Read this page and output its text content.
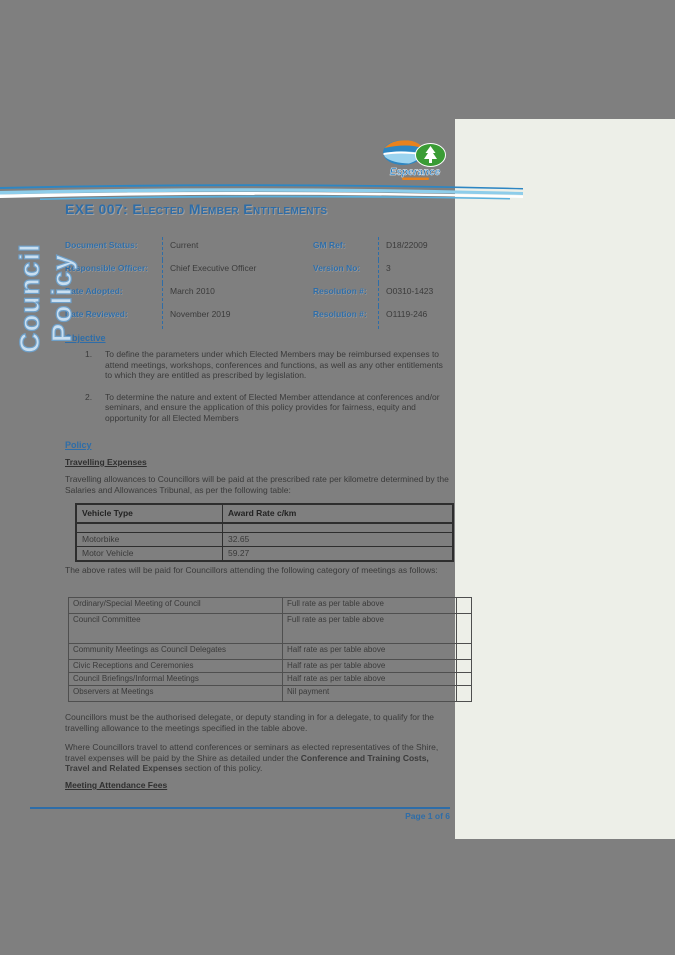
Esperance
Council Policy
EXE 007: Elected Member Entitlements
Document Status:	Current	GM Ref:	D18/22009
Responsible Officer:	Chief Executive Officer	Version No:	3
Date Adopted:	March 2010	Resolution #:	O0310-1423
Date Reviewed:	November 2019	Resolution #:	O1119-246
Objective
1.	To define the parameters under which Elected Members may be reimbursed expenses to attend meetings, workshops, conferences and functions, as well as any other entitlements to which they are entitled as prescribed by legislation.
2.	To determine the nature and extent of Elected Member attendance at conferences and/or seminars, and ensure the application of this policy provides for fairness, equity and opportunity for all Elected Members
Policy
Travelling Expenses
Travelling allowances to Councillors will be paid at the prescribed rate per kilometre determined by the Salaries and Allowances Tribunal, as per the following table:
Vehicle Type	Award Rate c/km
Motorbike	32.65
Motor Vehicle	59.27
The above rates will be paid for Councillors attending the following category of meetings as follows:
Ordinary/Special Meeting of Council	Full rate as per table above
Council Committee	Full rate as per table above
Community Meetings as Council Delegates	Half rate as per table above
Civic Receptions and Ceremonies	Half rate as per table above
Council Briefings/Informal Meetings	Half rate as per table above
Observers at Meetings	Nil payment
Councillors must be the authorised delegate, or deputy standing in for a delegate, to qualify for the travelling allowance to the meetings specified in the table above.
Where Councillors travel to attend conferences or seminars as elected representatives of the Shire, travel expenses will be paid by the Shire as detailed under the Conference and Training Costs, Travel and Related Expenses section of this policy.
Meeting Attendance Fees
Page 1 of 6
